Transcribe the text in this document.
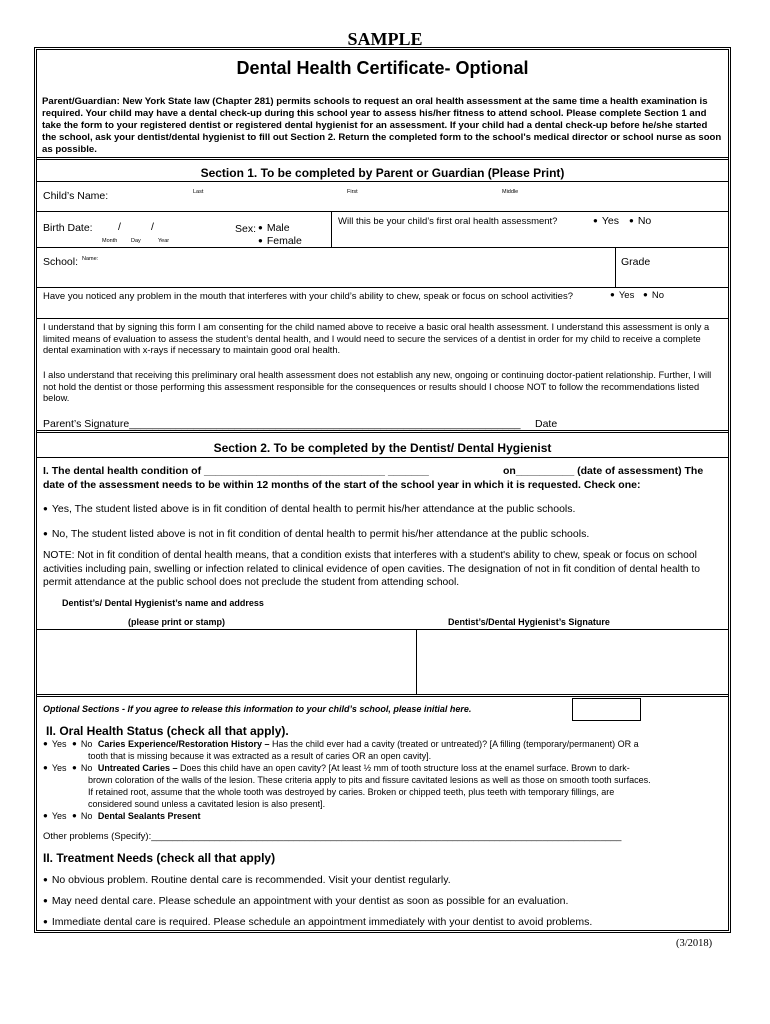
SAMPLE
Dental Health Certificate- Optional
Parent/Guardian: New York State law (Chapter 281) permits schools to request an oral health assessment at the same time a health examination is required. Your child may have a dental check-up during this school year to assess his/her fitness to attend school. Please complete Section 1 and take the form to your registered dentist or registered dental hygienist for an assessment. If your child had a dental check-up before he/she started the school, ask your dentist/dental hygienist to fill out Section 2. Return the completed form to the school's medical director or school nurse as soon as possible.
Section 1. To be completed by Parent or Guardian (Please Print)
Child’s Name:	Last	First	Middle
Birth Date: /	/
Month Day	Year
Sex:	● Male
● Female
Will this be your child’s first oral health assessment?	● Yes	● No
School: Name:	Grade
Have you noticed any problem in the mouth that interferes with your child’s ability to chew, speak or focus on school activities?	● Yes	● No
I understand that by signing this form I am consenting for the child named above to receive a basic oral health assessment. I understand this assessment is only a limited means of evaluation to assess the student’s dental health, and I would need to secure the services of a dentist in order for my child to receive a complete dental examination with x-rays if necessary to maintain good oral health.
I also understand that receiving this preliminary oral health assessment does not establish any new, ongoing or continuing doctor-patient relationship. Further, I will not hold the dentist or those performing this assessment responsible for the consequences or results should I choose NOT to follow the recommendations listed below.
Parent’s Signature___________________________________________________________________ Date
Section 2. To be completed by the Dentist/ Dental Hygienist
I. The dental health condition of _______________________________ _______	on__________ (date of assessment) The
date of the assessment needs to be within 12 months of the start of the school year in which it is requested. Check one:
● Yes, The student listed above is in fit condition of dental health to permit his/her attendance at the public schools.
● No, The student listed above is not in fit condition of dental health to permit his/her attendance at the public schools.
NOTE: Not in fit condition of dental health means, that a condition exists that interferes with a student's ability to chew, speak or focus on school activities including pain, swelling or infection related to clinical evidence of open cavities. The designation of not in fit condition of dental health to permit attendance at the public school does not preclude the student from attending school.
Dentist’s/ Dental Hygienist’s name and address
(please print or stamp)	Dentist’s/Dental Hygienist’s Signature
Optional Sections - If you agree to release this information to your child’s school, please initial here.
II. Oral Health Status (check all that apply).
● Yes ● No Caries Experience/Restoration History – Has the child ever had a cavity (treated or untreated)? [A filling (temporary/permanent) OR a
tooth that is missing because it was extracted as a result of caries OR an open cavity].
● Yes ● No Untreated Caries – Does this child have an open cavity? [At least ½ mm of tooth structure loss at the enamel surface. Brown to dark-
brown coloration of the walls of the lesion. These criteria apply to pits and fissure cavitated lesions as well as those on smooth tooth surfaces.
If retained root, assume that the whole tooth was destroyed by caries. Broken or chipped teeth, plus teeth with temporary fillings, are
considered sound unless a cavitated lesion is also present].
● Yes ● No Dental Sealants Present
Other problems (Specify):_________________________________________________________________________________________
II. Treatment Needs (check all that apply)
● No obvious problem. Routine dental care is recommended. Visit your dentist regularly.
● May need dental care. Please schedule an appointment with your dentist as soon as possible for an evaluation.
● Immediate dental care is required. Please schedule an appointment immediately with your dentist to avoid problems.
(3/2018)
